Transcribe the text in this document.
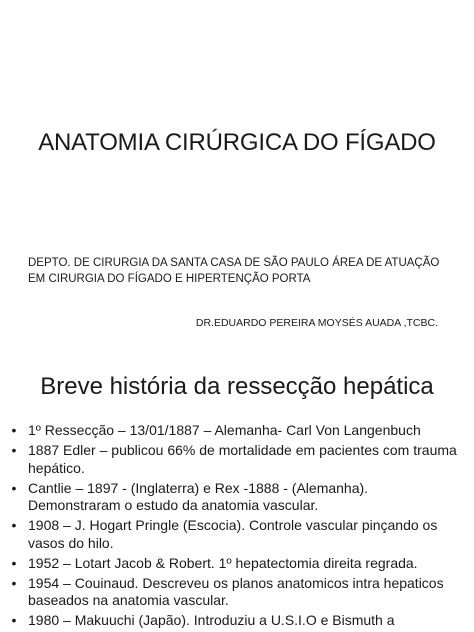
ANATOMIA CIRÚRGICA DO FÍGADO
DEPTO. DE CIRURGIA DA SANTA CASA DE SÃO PAULO ÁREA DE ATUAÇÃO
EM CIRURGIA DO FÍGADO E HIPERTENÇÃO PORTA
DR.EDUARDO PEREIRA MOYSÉS AUADA ,TCBC.
Breve história da ressecção hepática
• 1º Ressecção – 13/01/1887 – Alemanha- Carl Von Langenbuch
• 1887 Edler – publicou 66% de mortalidade em pacientes com trauma hepático.
• Cantlie – 1897 - (Inglaterra) e Rex -1888 - (Alemanha). Demonstraram o estudo da anatomia vascular.
• 1908 – J. Hogart Pringle (Escocia). Controle vascular pinçando os vasos do hilo.
• 1952 – Lotart Jacob & Robert. 1º hepatectomia direita regrada.
• 1954 – Couinaud. Descreveu os planos anatomicos intra hepaticos baseados na anatomia vascular.
• 1980 – Makuuchi (Japão). Introduziu a U.S.I.O e Bismuth a
